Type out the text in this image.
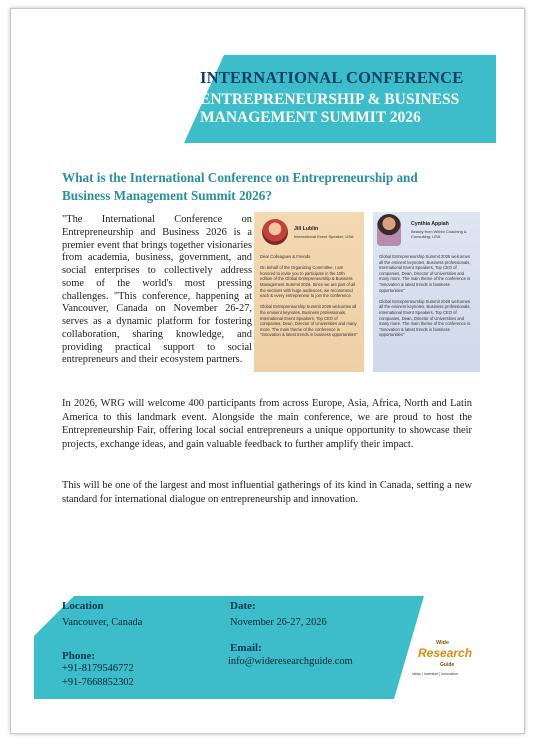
INTERNATIONAL CONFERENCE
ENTREPRENEURSHIP & BUSINESS
MANAGEMENT SUMMIT 2026
What is the International Conference on Entrepreneurship and Business Management Summit 2026?
"The International Conference on Entrepreneurship and Business 2026 is a premier event that brings together visionaries from academia, business, government, and social enterprises to collectively address some of the world's most pressing challenges. "This conference, happening at Vancouver, Canada on November 26-27, serves as a dynamic platform for fostering collaboration, sharing knowledge, and providing practical support to social entrepreneurs and their ecosystem partners.
Jill Lublin
International Event Speaker, USA
Dear Colleagues & Friends

On behalf of the Organizing Committee, I am honored to invite you to participate in the 10th edition of the Global Entrepreneurship & Business Management Summit 2026. Since we are part of all the sections with huge audiences, we recommend each & every entrepreneur to join the conference.

Global Entrepreneurship Summit 2026 welcomes all the eminent keynotes, Business professionals, International Event Speakers, Top CEO of companies, Dean, Director of Universities and many more. The main theme of the conference is "Innovation & latest trends in business opportunities"
Cynthia Appiah
Beauty from Within Coaching & Consulting, USA
Global Entrepreneurship Summit 2026 welcomes all the eminent keynotes, Business professionals, International Event Speakers, Top CEO of companies, Dean, Director of Universities and many more. The main theme of the conference is "Innovation & latest trends in business opportunities"

Global Entrepreneurship Summit 2026 welcomes all the eminent keynotes, Business professionals, International Event Speakers, Top CEO of companies, Dean, Director of Universities and many more. The main theme of the conference is "Innovation & latest trends in business opportunities"
In 2026, WRG will welcome 400 participants from across Europe, Asia, Africa, North and Latin America to this landmark event. Alongside the main conference, we are proud to host the Entrepreneurship Fair, offering local social entrepreneurs a unique opportunity to showcase their projects, exchange ideas, and gain valuable feedback to further amplify their impact.
This will be one of the largest and most influential gatherings of its kind in Canada, setting a new standard for international dialogue on entrepreneurship and innovation.
Location
Vancouver, Canada
Date:
November 26-27, 2026
Email:
info@wideresearchguide.com
Phone:
+91-8179546772
+91-7668852302
Wide
Research
Guide
Ideas | Invention | Innovation
